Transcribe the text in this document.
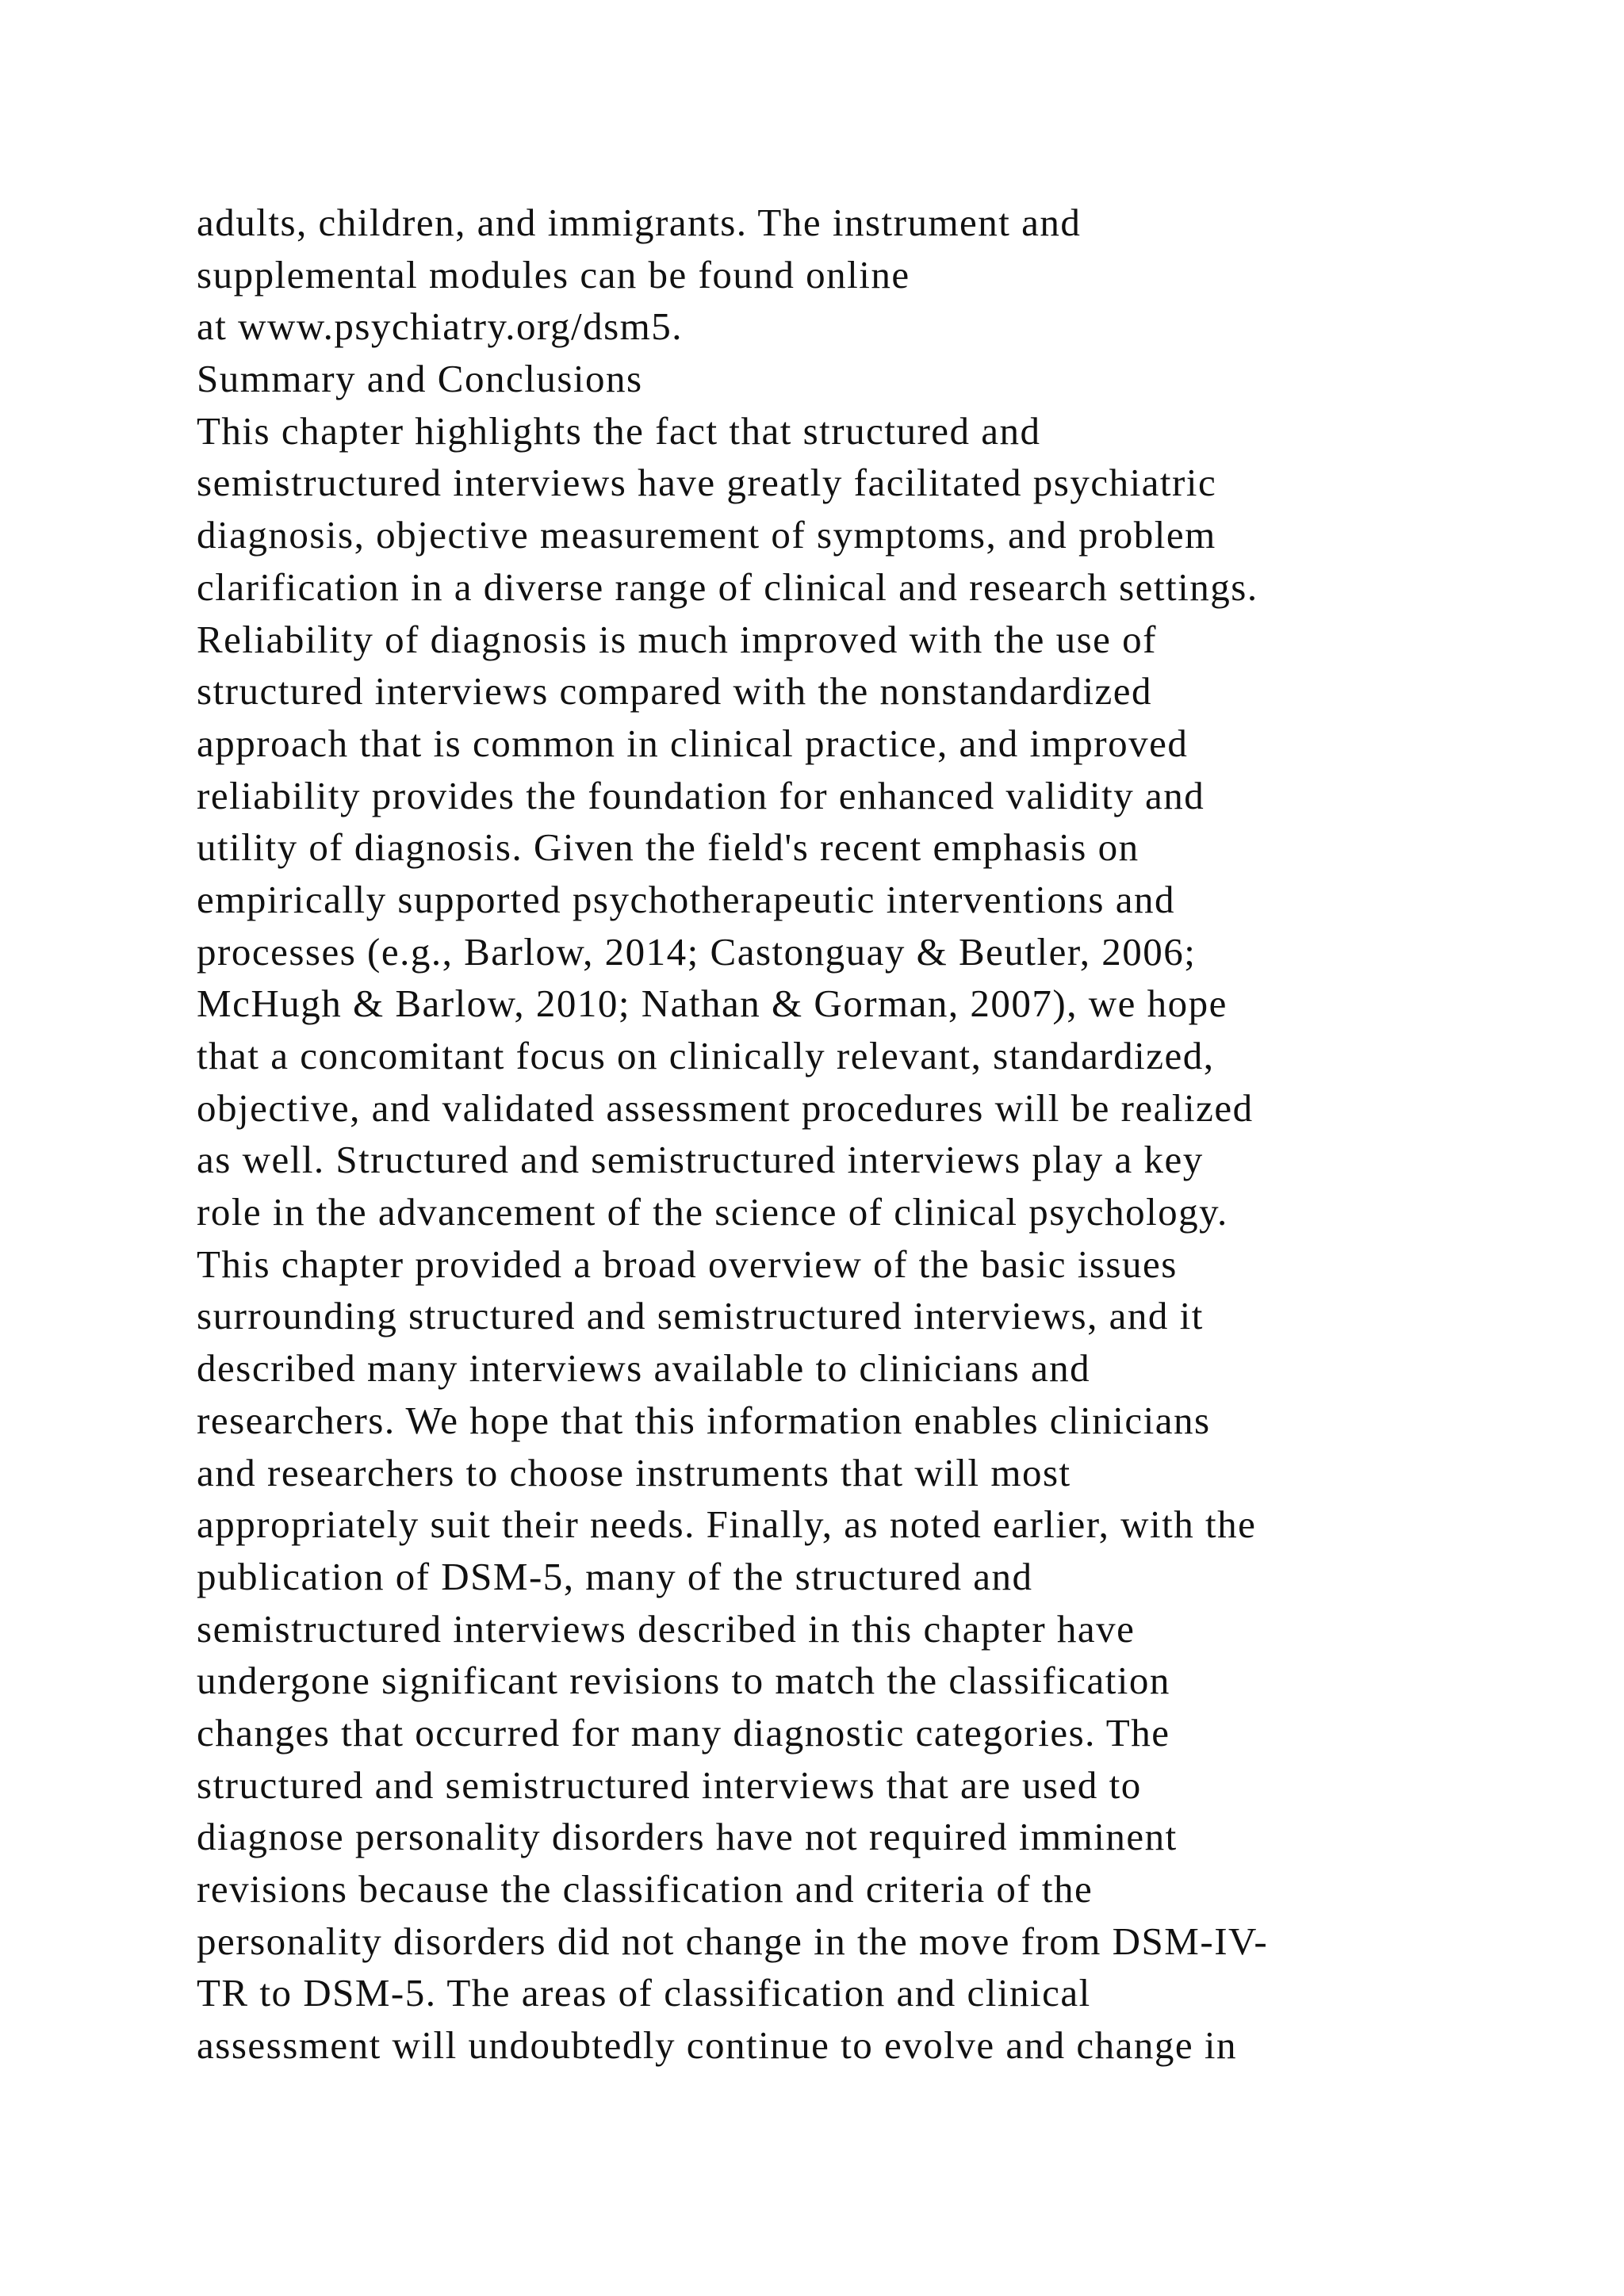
adults, children, and immigrants. The instrument and
supplemental modules can be found online
at www.psychiatry.org/dsm5.
Summary and Conclusions
This chapter highlights the fact that structured and
semistructured interviews have greatly facilitated psychiatric
diagnosis, objective measurement of symptoms, and problem
clarification in a diverse range of clinical and research settings.
Reliability of diagnosis is much improved with the use of
structured interviews compared with the nonstandardized
approach that is common in clinical practice, and improved
reliability provides the foundation for enhanced validity and
utility of diagnosis. Given the field's recent emphasis on
empirically supported psychotherapeutic interventions and
processes (e.g., Barlow, 2014; Castonguay & Beutler, 2006;
McHugh & Barlow, 2010; Nathan & Gorman, 2007), we hope
that a concomitant focus on clinically relevant, standardized,
objective, and validated assessment procedures will be realized
as well. Structured and semistructured interviews play a key
role in the advancement of the science of clinical psychology.
This chapter provided a broad overview of the basic issues
surrounding structured and semistructured interviews, and it
described many interviews available to clinicians and
researchers. We hope that this information enables clinicians
and researchers to choose instruments that will most
appropriately suit their needs. Finally, as noted earlier, with the
publication of DSM-5, many of the structured and
semistructured interviews described in this chapter have
undergone significant revisions to match the classification
changes that occurred for many diagnostic categories. The
structured and semistructured interviews that are used to
diagnose personality disorders have not required imminent
revisions because the classification and criteria of the
personality disorders did not change in the move from DSM-IV-
TR to DSM-5. The areas of classification and clinical
assessment will undoubtedly continue to evolve and change in
